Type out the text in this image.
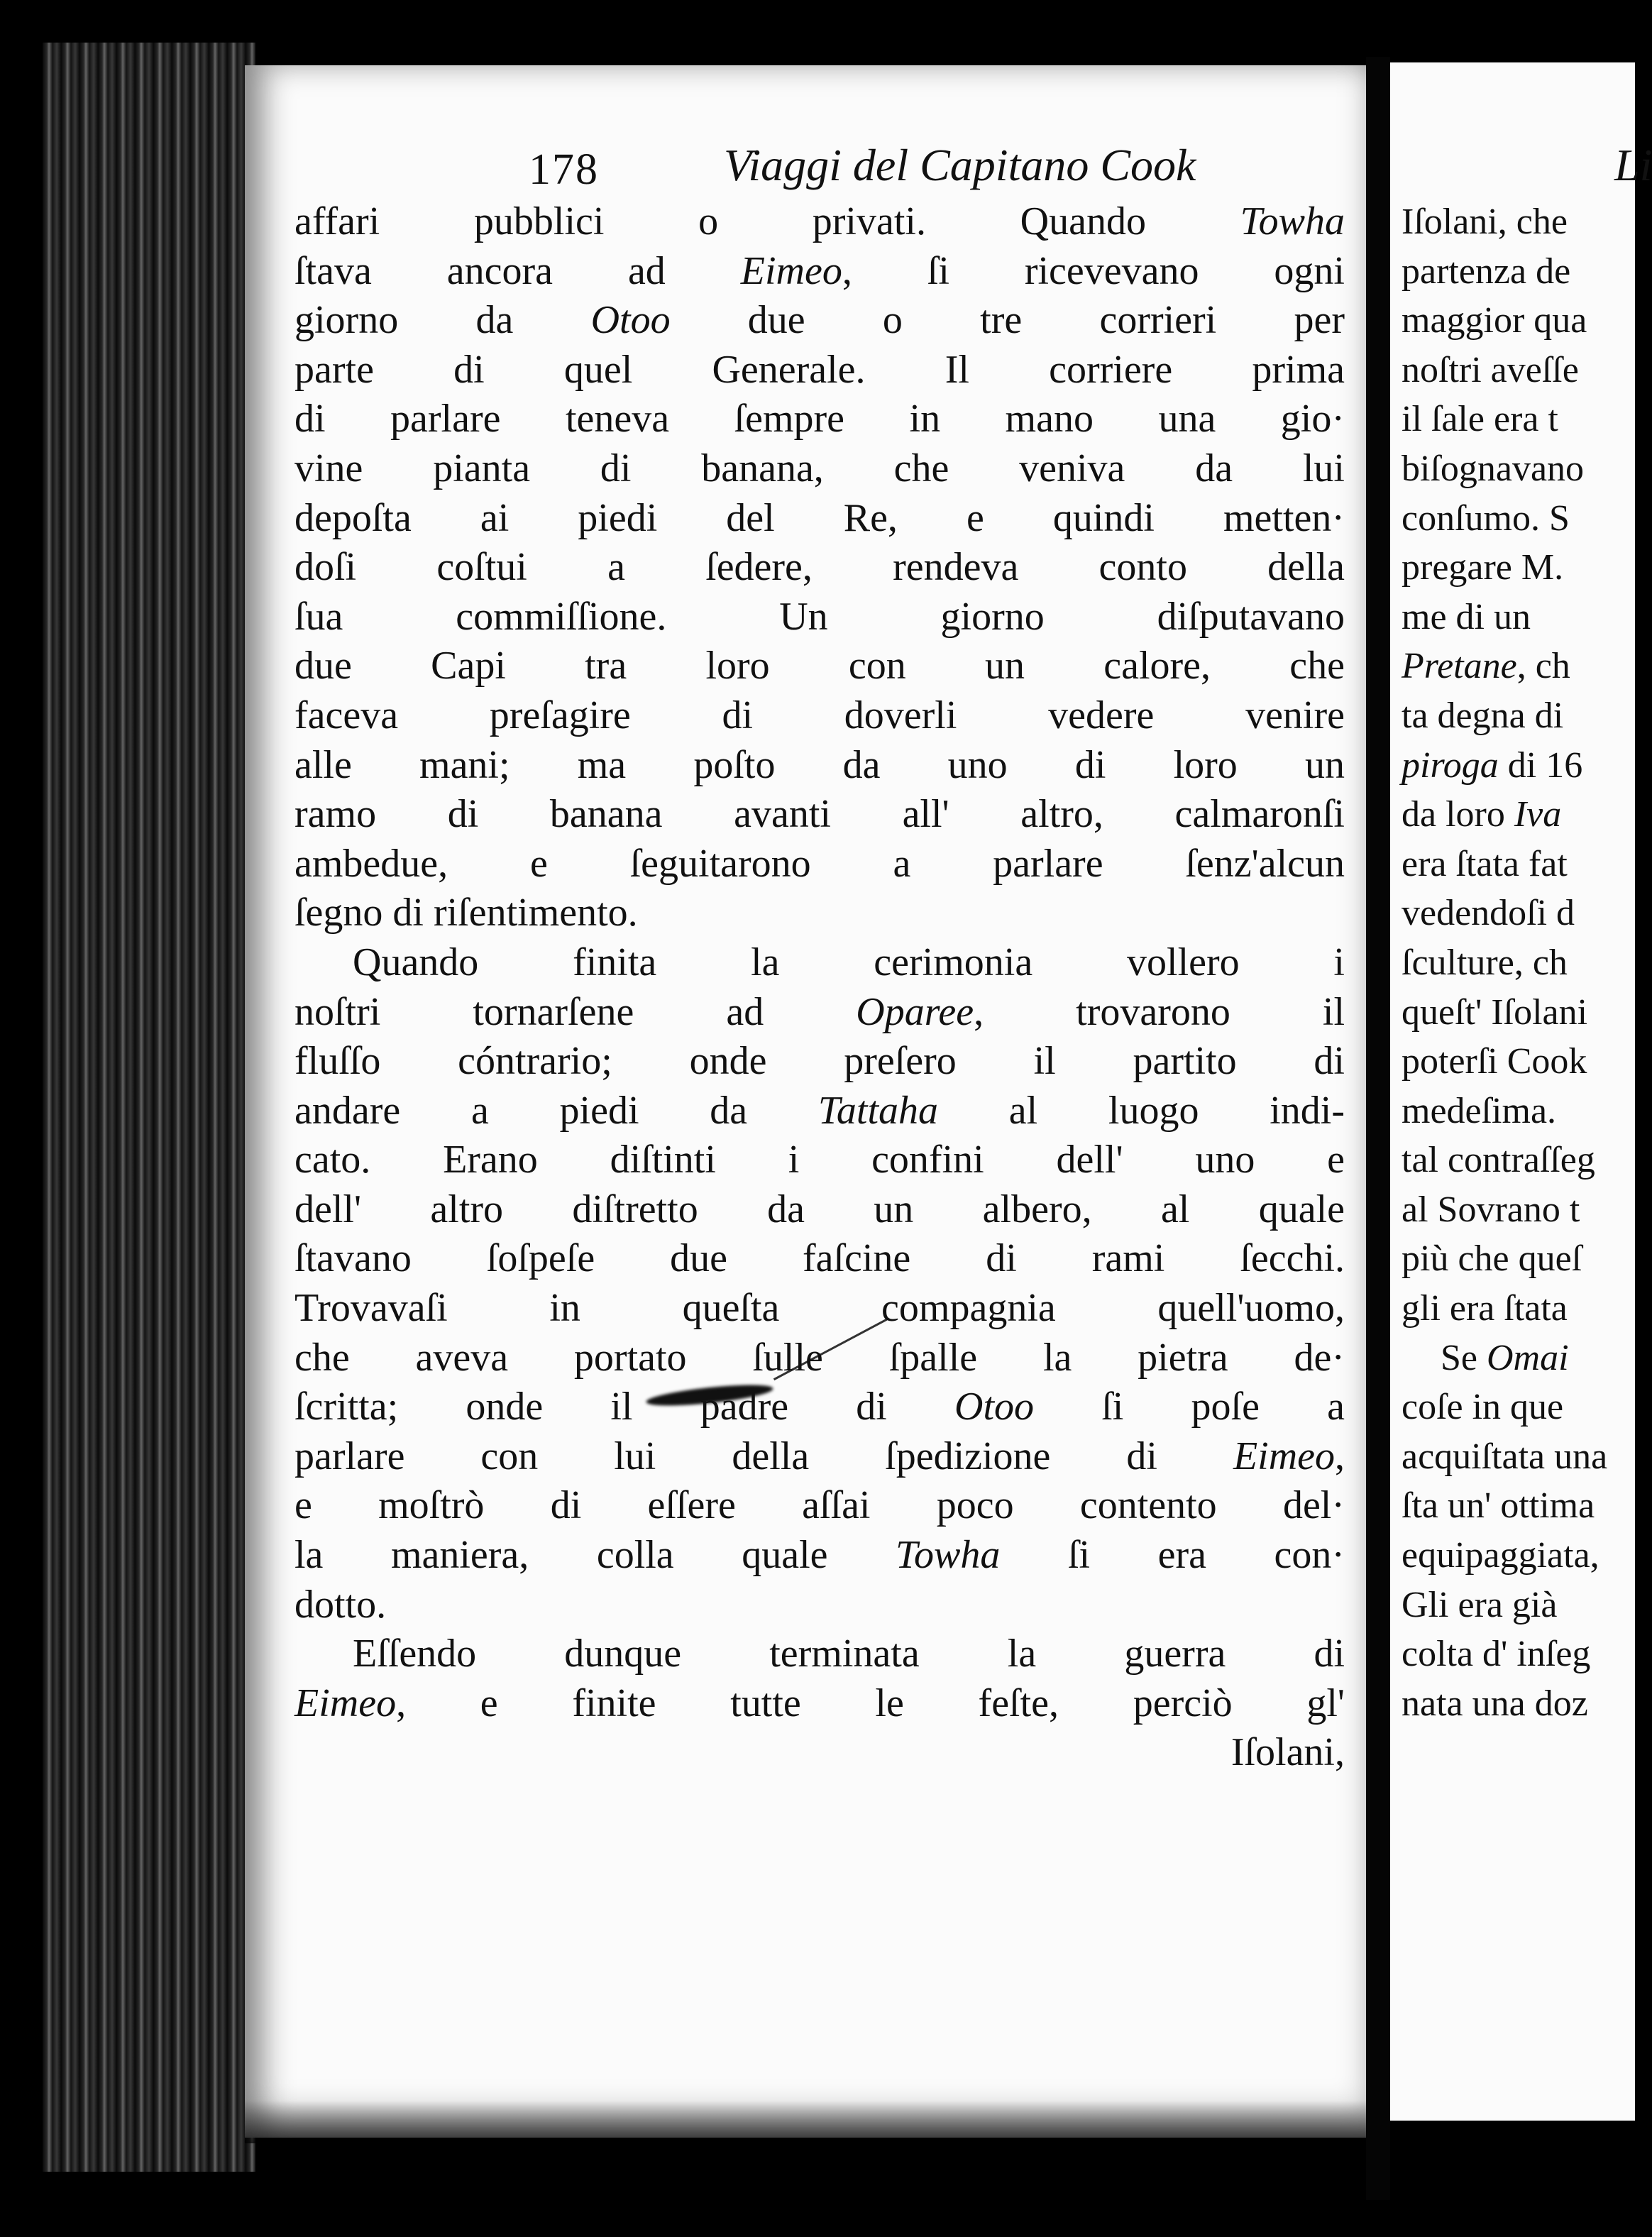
178	Viaggi del Capitano Cook
affari pubblici o privati. Quando Towha
ſtava ancora ad Eimeo, ſi ricevevano ogni
giorno da Otoo due o tre corrieri per
parte di quel Generale. Il corriere prima
di parlare teneva ſempre in mano una gio·
vine pianta di banana, che veniva da lui
depoſta ai piedi del Re, e quindi metten·
doſi coſtui a ſedere, rendeva conto della
ſua commiſſione. Un giorno diſputavano
due Capi tra loro con un calore, che
faceva preſagire di doverli vedere venire
alle mani; ma poſto da uno di loro un
ramo di banana avanti all' altro, calmaronſi
ambedue, e ſeguitarono a parlare ſenz'alcun
ſegno di riſentimento.
Quando finita la cerimonia vollero i
noſtri tornarſene ad Oparee, trovarono il
fluſſo cóntrario; onde preſero il partito di
andare a piedi da Tattaha al luogo indi-
cato. Erano diſtinti i confini dell' uno e
dell' altro diſtretto da un albero, al quale
ſtavano ſoſpeſe due faſcine di rami ſecchi.
Trovavaſi in queſta compagnia quell'uomo,
che aveva portato ſulle ſpalle la pietra de·
ſcritta; onde il padre di Otoo ſi poſe a
parlare con lui della ſpedizione di Eimeo,
e moſtrò di eſſere aſſai poco contento del·
la maniera, colla quale Towha ſi era con·
dotto.
Eſſendo dunque terminata la guerra di
Eimeo, e finite tutte le feſte, perciò gl'
Iſolani,
Li
Iſolani, che
partenza de
maggior qua
noſtri aveſſe
il ſale era t
biſognavano
conſumo. S
pregare M.
me di un
Pretane, ch
ta degna di
piroga di 16
da loro Iva
era ſtata fat
vedendoſi d
ſculture, ch
queſt' Iſolani
poterſi Cook
medeſima.
tal contraſſeg
al Sovrano t
più che queſ
gli era ſtata
Se Omai
coſe in que
acquiſtata una
ſta un' ottima
equipaggiata,
Gli era già
colta d' inſeg
nata una doz
